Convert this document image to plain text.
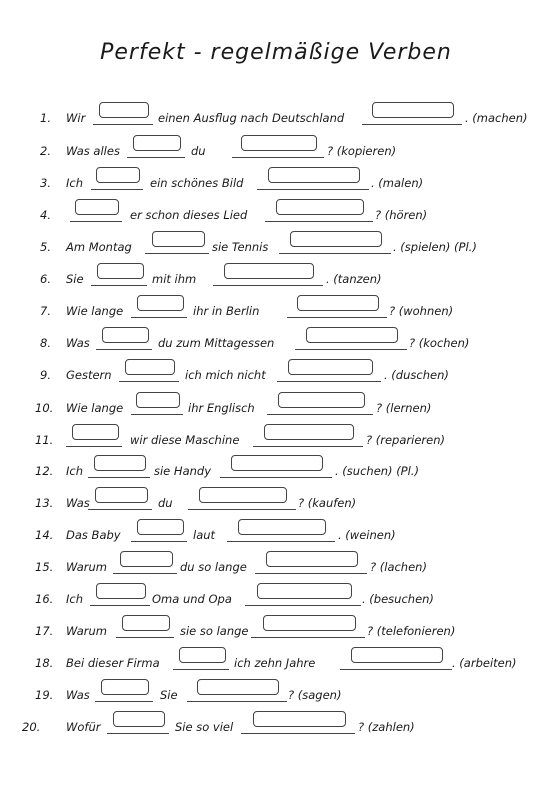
Perfekt - regelmäßige Verben
1. Wir	einen Ausflug nach Deutschland	. (machen)
2. Was alles	du	? (kopieren)
3. Ich	ein schönes Bild	. (malen)
4.	er schon dieses Lied	? (hören)
5. Am Montag	sie Tennis	. (spielen) (Pl.)
6. Sie	mit ihm	. (tanzen)
7. Wie lange	ihr in Berlin	? (wohnen)
8. Was	du zum Mittagessen	? (kochen)
9. Gestern	ich mich nicht	. (duschen)
10. Wie lange	ihr Englisch	? (lernen)
11.	wir diese Maschine	? (reparieren)
12. Ich	sie Handy	. (suchen) (Pl.)
13. Was	du	? (kaufen)
14. Das Baby	laut	. (weinen)
15. Warum	du so lange	? (lachen)
16. Ich	Oma und Opa	. (besuchen)
17. Warum	sie so lange	? (telefonieren)
18. Bei dieser Firma	ich zehn Jahre	. (arbeiten)
19. Was	Sie	? (sagen)
20. Wofür	Sie so viel	? (zahlen)
